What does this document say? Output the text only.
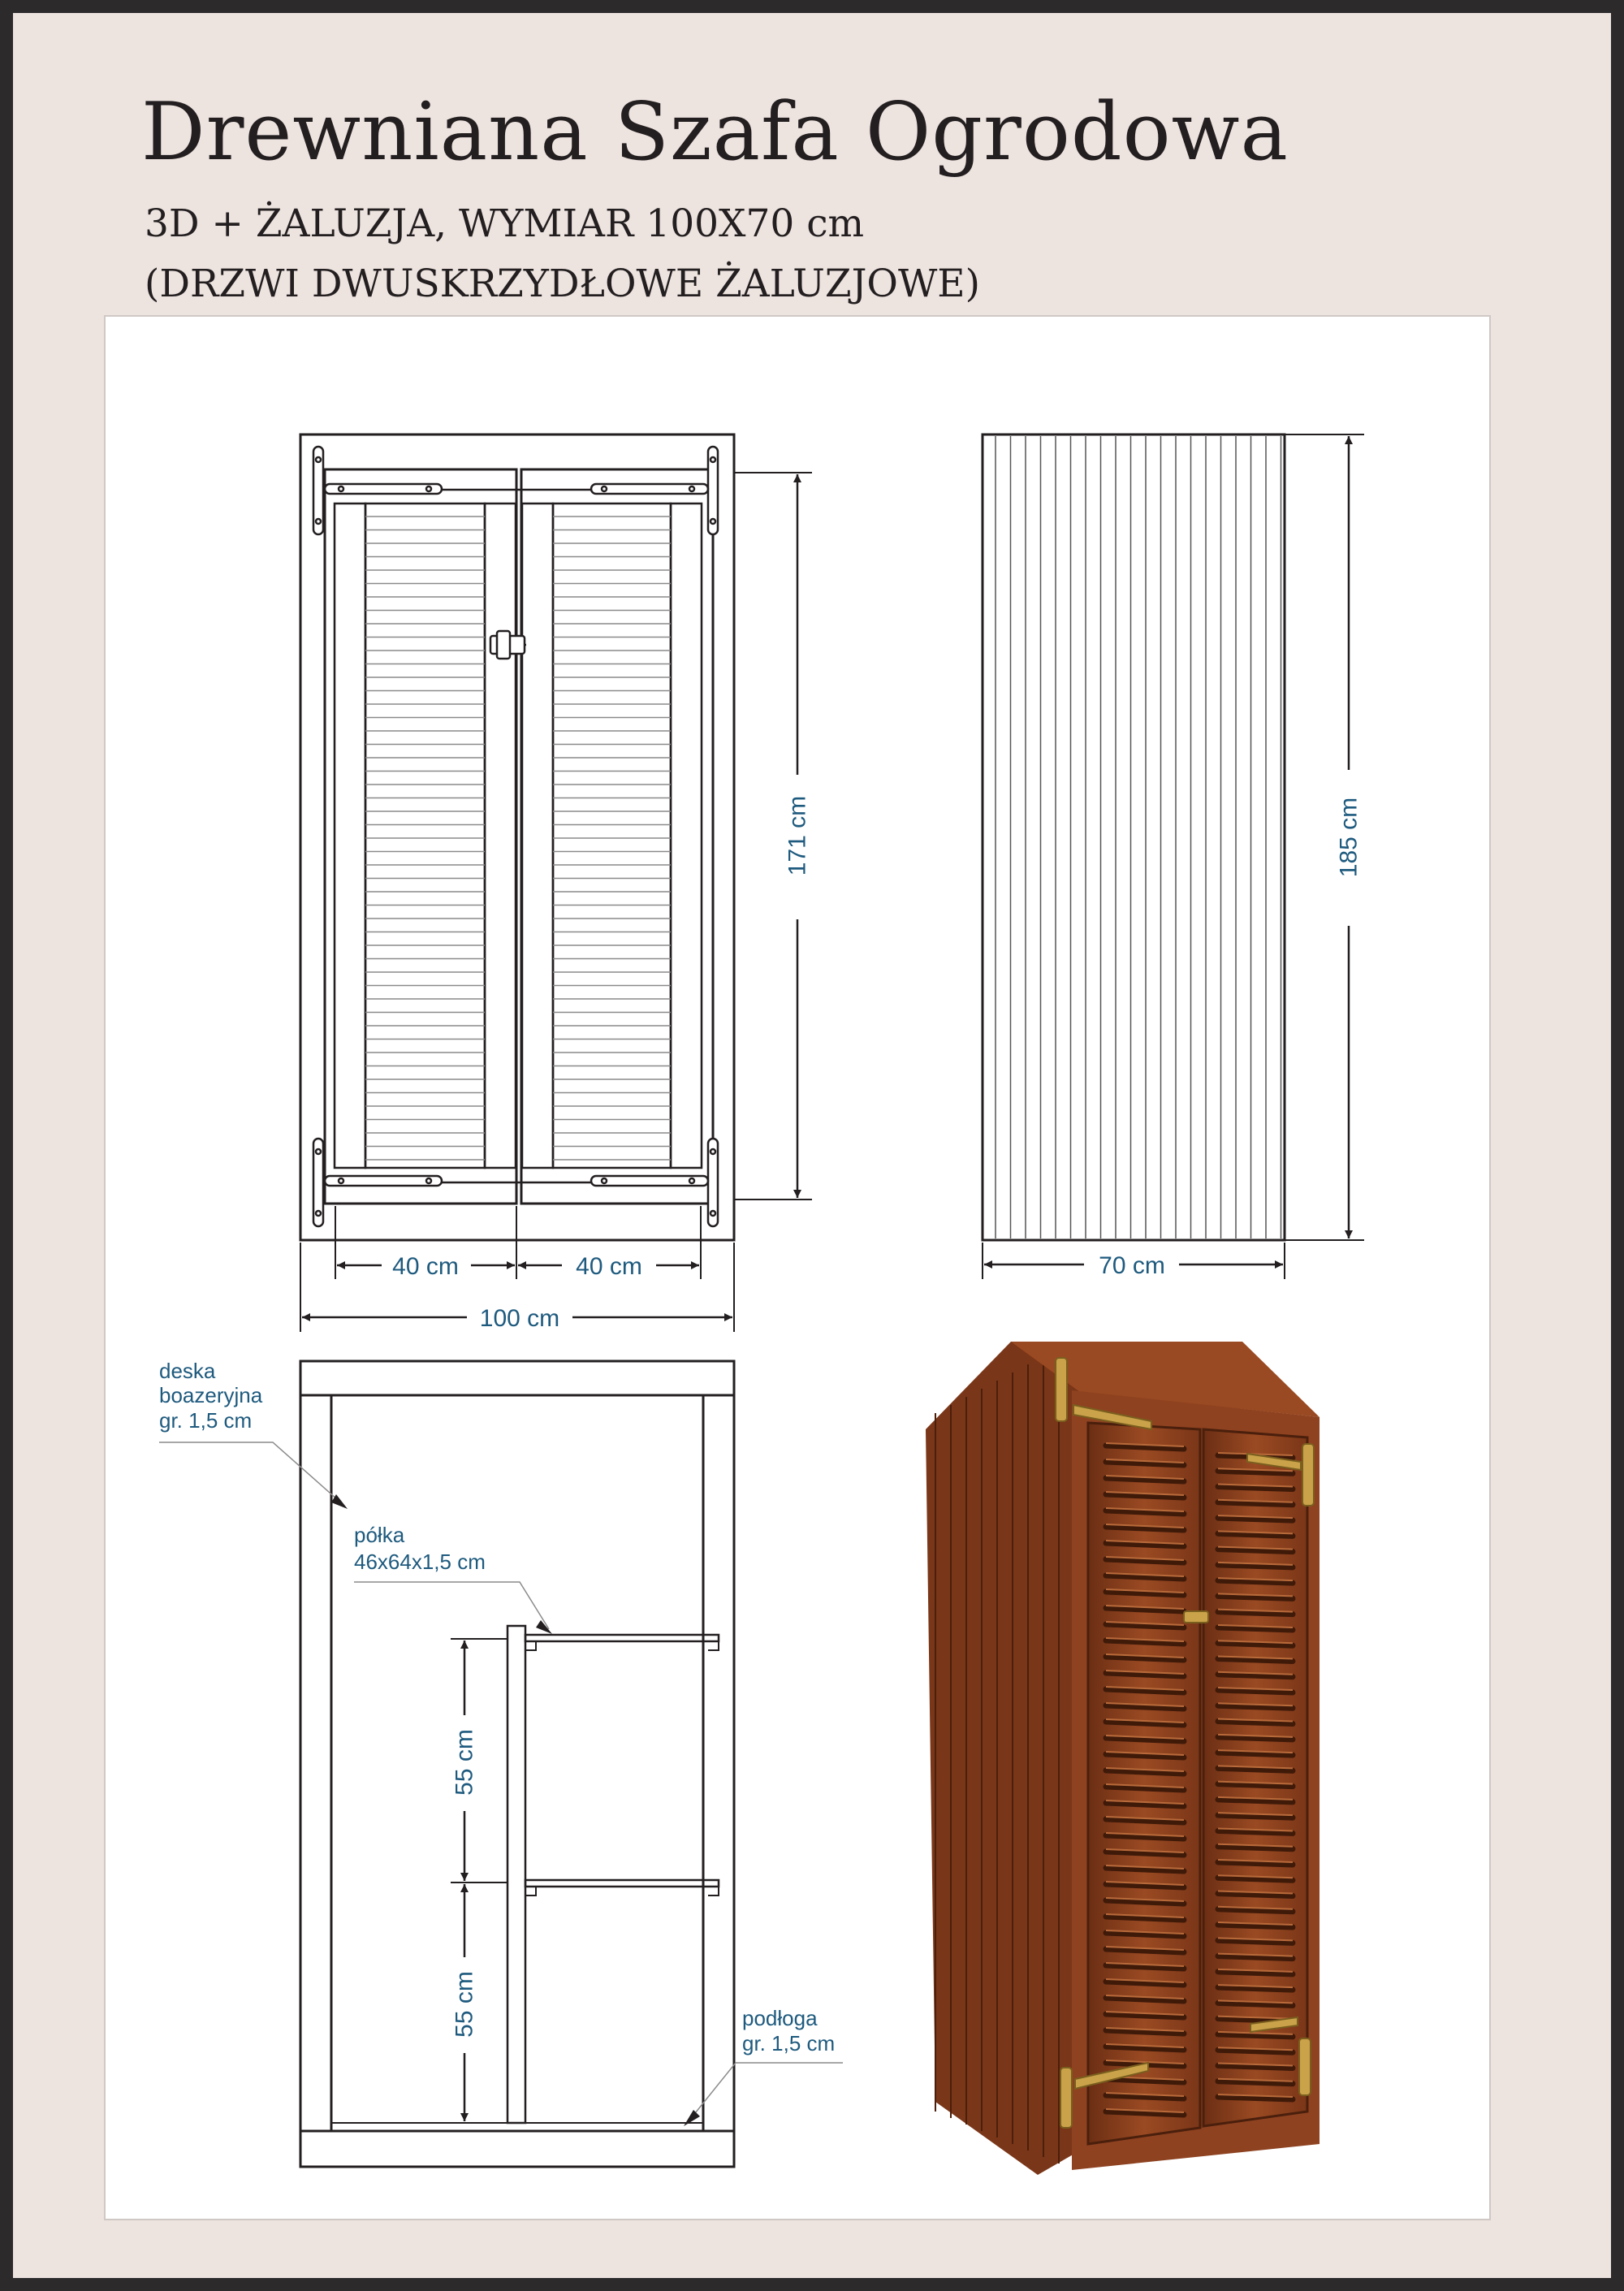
Drewniana Szafa Ogrodowa

3D + ŻALUZJA, WYMIAR 100X70 cm

(DRZWI DWUSKRZYDŁOWE ŻALUZJOWE)

171 cm
40 cm	40 cm
100 cm
185 cm
70 cm
55 cm
55 cm
deska
boazeryjna
gr. 1,5 cm
półka
46x64x1,5 cm
podłoga
gr. 1,5 cm
